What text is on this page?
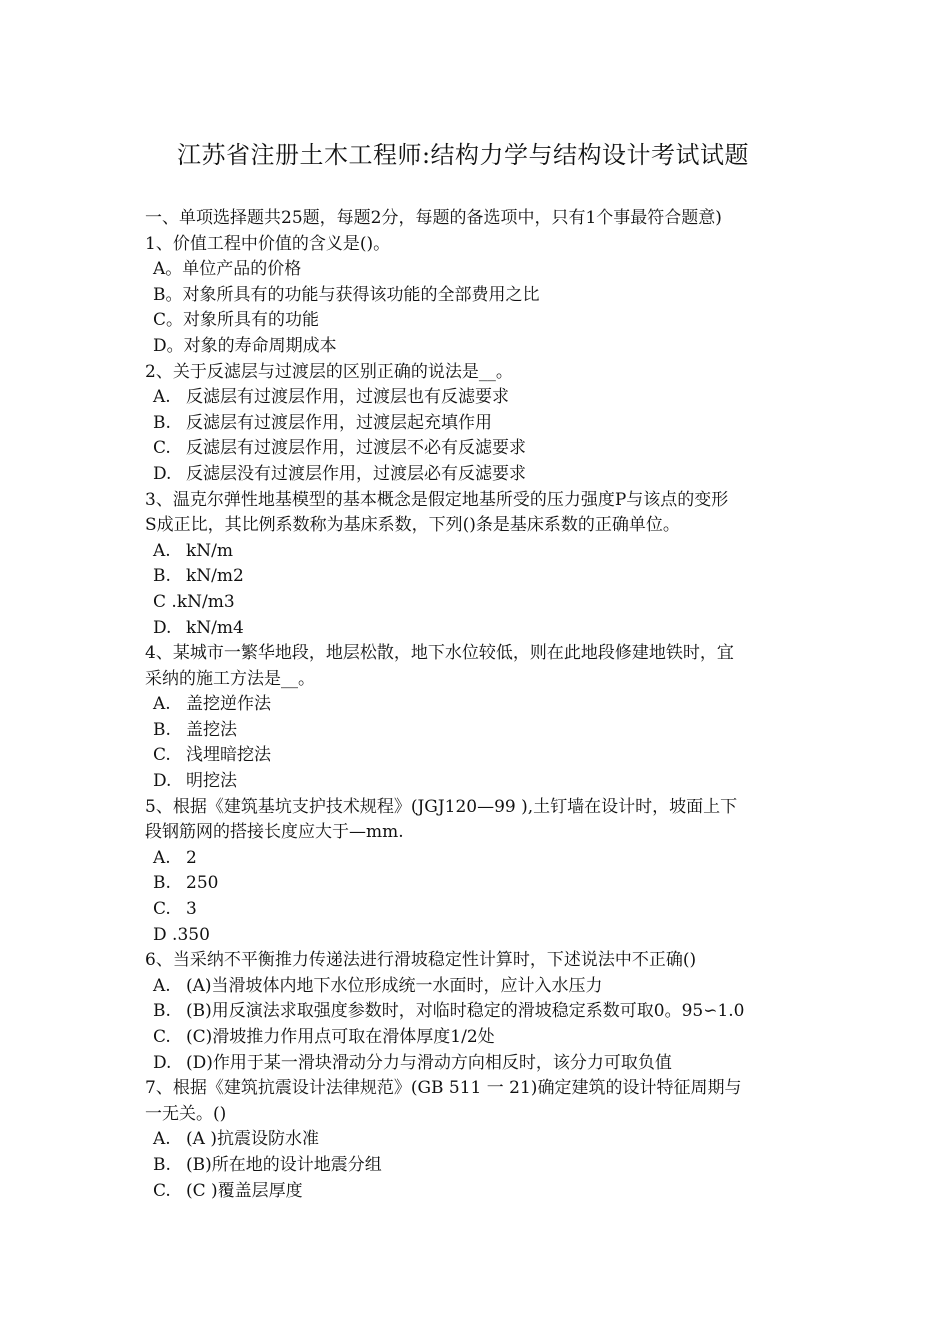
江苏省注册土木工程师:结构力学与结构设计考试试题
一、单项选择题共25题，每题2分，每题的备选项中，只有1个事最符合题意)
1、价值工程中价值的含义是()。
A。单位产品的价格
B。对象所具有的功能与获得该功能的全部费用之比
C。对象所具有的功能
D。对象的寿命周期成本
2、关于反滤层与过渡层的区别正确的说法是__。
A. 反滤层有过渡层作用，过渡层也有反滤要求
B. 反滤层有过渡层作用，过渡层起充填作用
C. 反滤层有过渡层作用，过渡层不必有反滤要求
D. 反滤层没有过渡层作用，过渡层必有反滤要求
3、温克尔弹性地基模型的基本概念是假定地基所受的压力强度P与该点的变形
S成正比，其比例系数称为基床系数，下列()条是基床系数的正确单位。
A. kN/m
B. kN/m2
C .kN/m3
D. kN/m4
4、某城市一繁华地段，地层松散，地下水位较低，则在此地段修建地铁时，宜
采纳的施工方法是__。
A. 盖挖逆作法
B. 盖挖法
C. 浅埋暗挖法
D. 明挖法
5、根据《建筑基坑支护技术规程》(JGJ120—99 ),土钉墙在设计时，坡面上下
段钢筋网的搭接长度应大于—mm.
A. 2
B. 250
C. 3
D .350
6、当采纳不平衡推力传递法进行滑坡稳定性计算时，下述说法中不正确()
A. (A)当滑坡体内地下水位形成统一水面时，应计入水压力
B. (B)用反演法求取强度参数时，对临时稳定的滑坡稳定系数可取0。95∽1.0
C. (C)滑坡推力作用点可取在滑体厚度1/2处
D. (D)作用于某一滑块滑动分力与滑动方向相反时，该分力可取负值
7、根据《建筑抗震设计法律规范》(GB 511 一 21)确定建筑的设计特征周期与
一无关。()
A. (A )抗震设防水准
B. (B)所在地的设计地震分组
C. (C )覆盖层厚度
